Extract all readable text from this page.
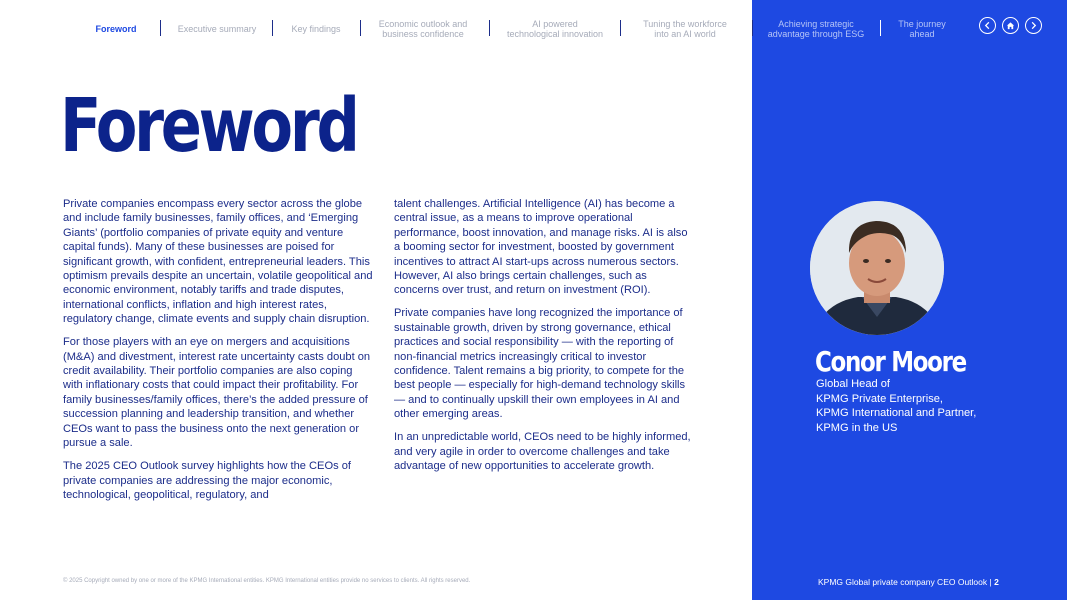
Foreword	Executive summary	Key findings	Economic outlook and
business confidence
AI powered
technological innovation
Tuning the workforce
into an AI world
Achieving strategic
advantage through ESG
The journey
ahead
Foreword

Private companies encompass every sector across the globe and include family businesses, family offices, and ‘Emerging Giants’ (portfolio companies of private equity and venture capital funds). Many of these businesses are poised for significant growth, with confident, entrepreneurial leaders. This optimism prevails despite an uncertain, volatile geopolitical and economic environment, notably tariffs and trade disputes, international conflicts, inflation and high interest rates, regulatory change, climate events and supply chain disruption.

For those players with an eye on mergers and acquisitions (M&A) and divestment, interest rate uncertainty casts doubt on credit availability. Their portfolio companies are also coping with inflationary costs that could impact their profitability. For family businesses/family offices, there’s the added pressure of succession planning and leadership transition, and whether CEOs want to pass the business onto the next generation or pursue a sale.

The 2025 CEO Outlook survey highlights how the CEOs of private companies are addressing the major economic, technological, geopolitical, regulatory, and

talent challenges. Artificial Intelligence (AI) has become a central issue, as a means to improve operational performance, boost innovation, and manage risks. AI is also a booming sector for investment, boosted by government incentives to attract AI start-ups across numerous sectors. However, AI also brings certain challenges, such as concerns over trust, and return on investment (ROI).

Private companies have long recognized the importance of sustainable growth, driven by strong governance, ethical practices and social responsibility — with the reporting of non-financial metrics increasingly critical to investor confidence. Talent remains a big priority, to compete for the best people — especially for high-demand technology skills — and to continually upskill their own employees in AI and other emerging areas.

In an unpredictable world, CEOs need to be highly informed, and very agile in order to overcome challenges and take advantage of new opportunities to accelerate growth.

Conor Moore
Global Head of
KPMG Private Enterprise,
KPMG International and Partner,
KPMG in the US
© 2025 Copyright owned by one or more of the KPMG International entities. KPMG International entities provide no services to clients. All rights reserved.	KPMG Global private company CEO Outlook | 2
